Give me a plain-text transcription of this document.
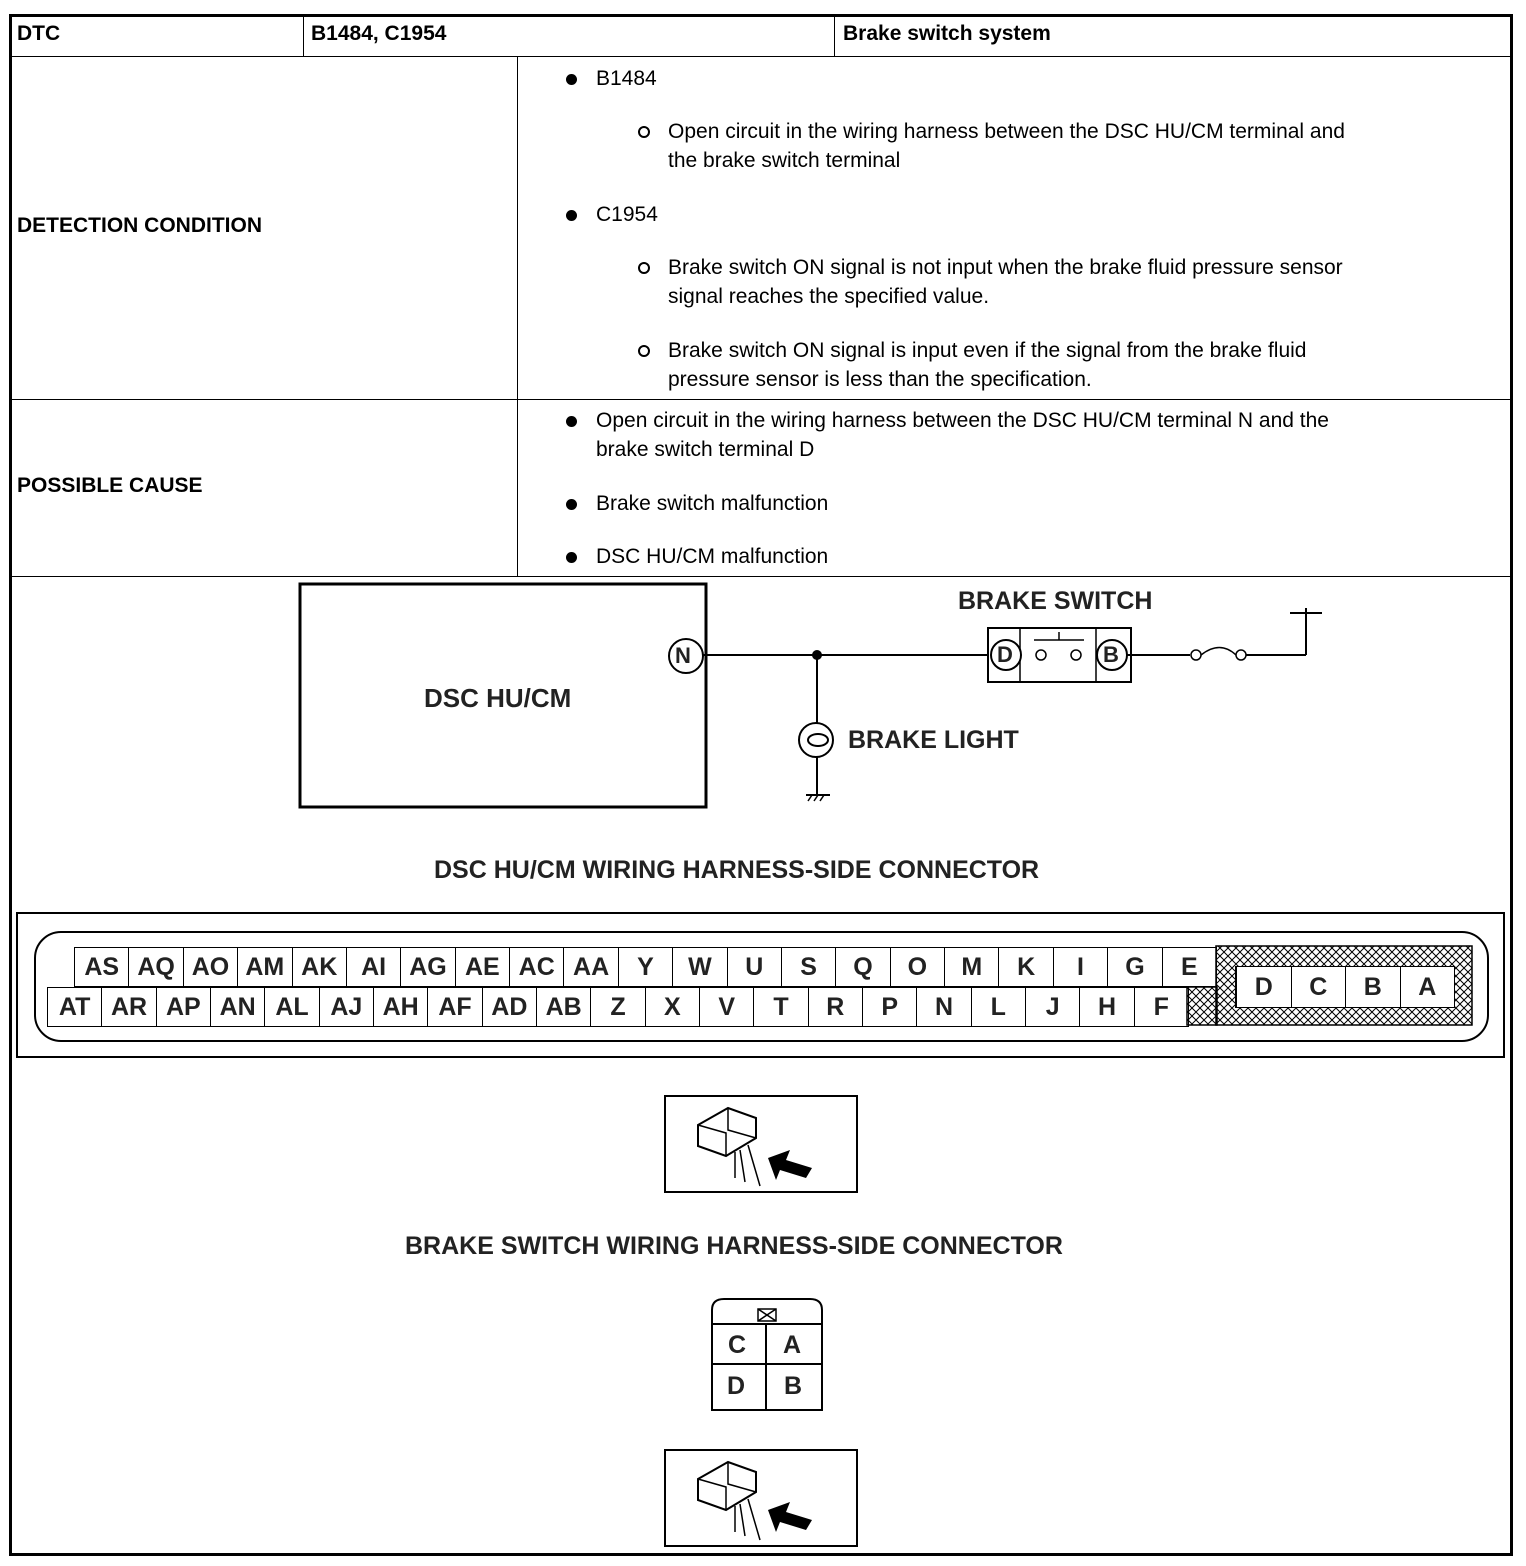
DTC	B1484, C1954	Brake switch system
DETECTION CONDITION
B1484
Open circuit in the wiring harness between the DSC HU/CM terminal and
the brake switch terminal
C1954
Brake switch ON signal is not input when the brake fluid pressure sensor
signal reaches the specified value.
Brake switch ON signal is input even if the signal from the brake fluid
pressure sensor is less than the specification.
POSSIBLE CAUSE
Open circuit in the wiring harness between the DSC HU/CM terminal N and the
brake switch terminal D
Brake switch malfunction
DSC HU/CM malfunction
DSC HU/CM
N
BRAKE SWITCH
D	B
BRAKE LIGHT
DSC HU/CM WIRING HARNESS-SIDE CONNECTOR
BRAKE SWITCH WIRING HARNESS-SIDE CONNECTOR
AS AQ AO AM AK AI AG AE AC AA	Y	W	U	S	Q	O	M	K	I	G	E
AT AR AP AN AL AJ AH AF AD AB	Z	X	V	T	R	P	N	L	J	H	F
D	C	B	A
C A
D B
